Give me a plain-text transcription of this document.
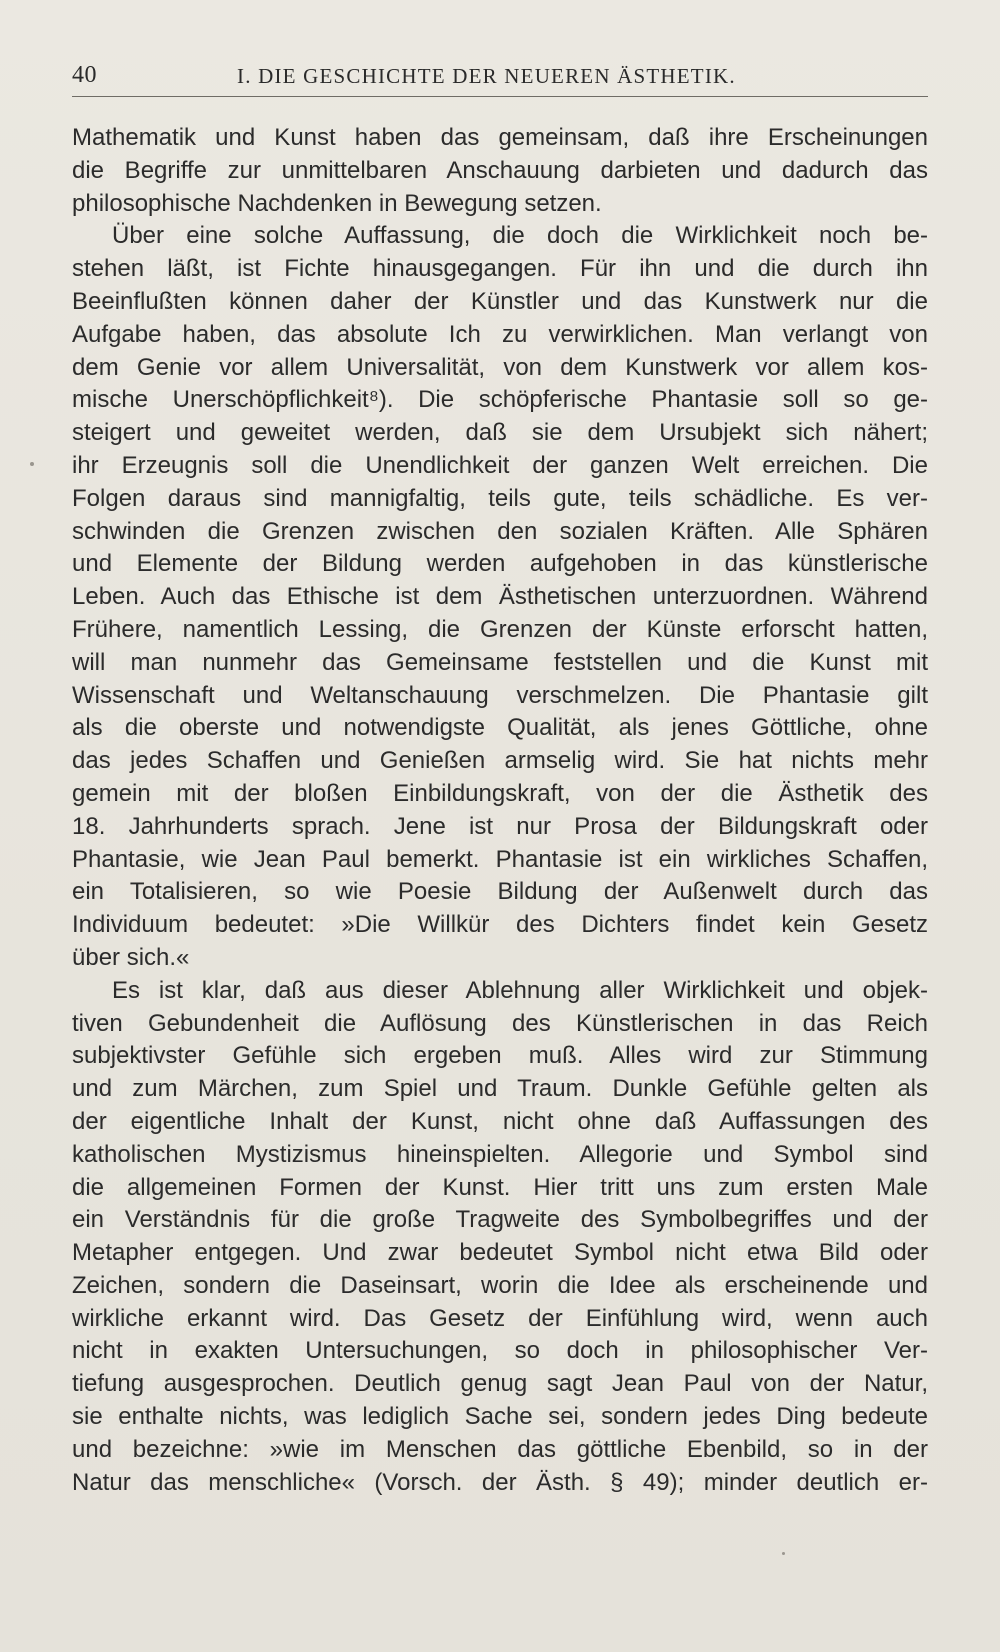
40	I. DIE GESCHICHTE DER NEUEREN ÄSTHETIK.
Mathematik und Kunst haben das gemeinsam, daß ihre Erscheinungen
die Begriffe zur unmittelbaren Anschauung darbieten und dadurch das
philosophische Nachdenken in Bewegung setzen.
Über eine solche Auffassung, die doch die Wirklichkeit noch be-
stehen läßt, ist Fichte hinausgegangen. Für ihn und die durch ihn
Beeinflußten können daher der Künstler und das Kunstwerk nur die
Aufgabe haben, das absolute Ich zu verwirklichen. Man verlangt von
dem Genie vor allem Universalität, von dem Kunstwerk vor allem kos-
mische Unerschöpflichkeit⁸). Die schöpferische Phantasie soll so ge-
steigert und geweitet werden, daß sie dem Ursubjekt sich nähert;
ihr Erzeugnis soll die Unendlichkeit der ganzen Welt erreichen. Die
Folgen daraus sind mannigfaltig, teils gute, teils schädliche. Es ver-
schwinden die Grenzen zwischen den sozialen Kräften. Alle Sphären
und Elemente der Bildung werden aufgehoben in das künstlerische
Leben. Auch das Ethische ist dem Ästhetischen unterzuordnen. Während
Frühere, namentlich Lessing, die Grenzen der Künste erforscht hatten,
will man nunmehr das Gemeinsame feststellen und die Kunst mit
Wissenschaft und Weltanschauung verschmelzen. Die Phantasie gilt
als die oberste und notwendigste Qualität, als jenes Göttliche, ohne
das jedes Schaffen und Genießen armselig wird. Sie hat nichts mehr
gemein mit der bloßen Einbildungskraft, von der die Ästhetik des
18. Jahrhunderts sprach. Jene ist nur Prosa der Bildungskraft oder
Phantasie, wie Jean Paul bemerkt. Phantasie ist ein wirkliches Schaffen,
ein Totalisieren, so wie Poesie Bildung der Außenwelt durch das
Individuum bedeutet: »Die Willkür des Dichters findet kein Gesetz
über sich.«
Es ist klar, daß aus dieser Ablehnung aller Wirklichkeit und objek-
tiven Gebundenheit die Auflösung des Künstlerischen in das Reich
subjektivster Gefühle sich ergeben muß. Alles wird zur Stimmung
und zum Märchen, zum Spiel und Traum. Dunkle Gefühle gelten als
der eigentliche Inhalt der Kunst, nicht ohne daß Auffassungen des
katholischen Mystizismus hineinspielten. Allegorie und Symbol sind
die allgemeinen Formen der Kunst. Hier tritt uns zum ersten Male
ein Verständnis für die große Tragweite des Symbolbegriffes und der
Metapher entgegen. Und zwar bedeutet Symbol nicht etwa Bild oder
Zeichen, sondern die Daseinsart, worin die Idee als erscheinende und
wirkliche erkannt wird. Das Gesetz der Einfühlung wird, wenn auch
nicht in exakten Untersuchungen, so doch in philosophischer Ver-
tiefung ausgesprochen. Deutlich genug sagt Jean Paul von der Natur,
sie enthalte nichts, was lediglich Sache sei, sondern jedes Ding bedeute
und bezeichne: »wie im Menschen das göttliche Ebenbild, so in der
Natur das menschliche« (Vorsch. der Ästh. § 49); minder deutlich er-
